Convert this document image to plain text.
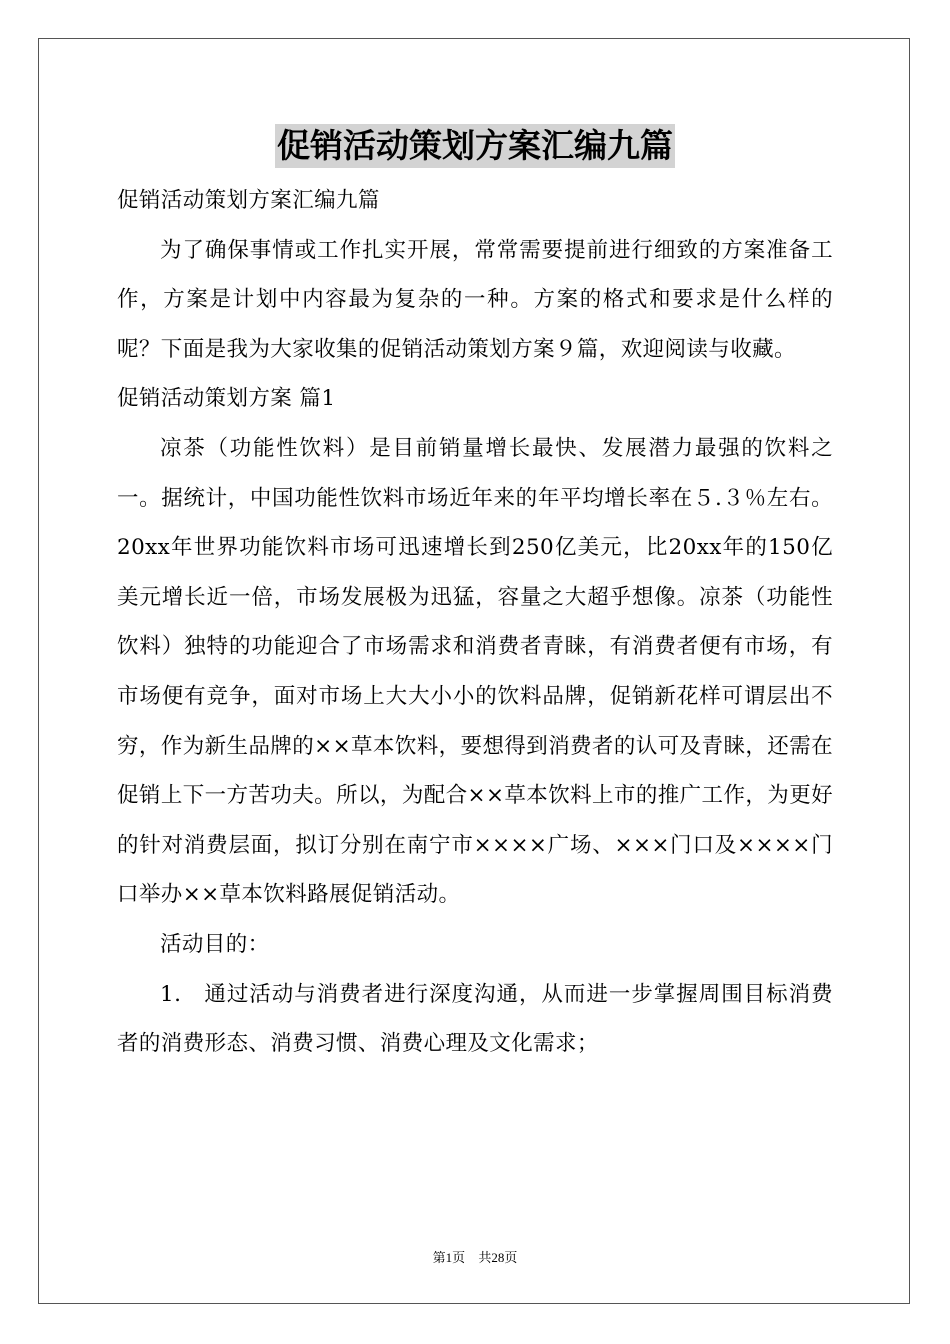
促销活动策划方案汇编九篇

促销活动策划方案汇编九篇

为了确保事情或工作扎实开展，常常需要提前进行细致的方案准备工作，方案是计划中内容最为复杂的一种。方案的格式和要求是什么样的呢？下面是我为大家收集的促销活动策划方案９篇，欢迎阅读与收藏。

促销活动策划方案 篇1

凉茶（功能性饮料）是目前销量增长最快、发展潜力最强的饮料之一。据统计，中国功能性饮料市场近年来的年平均增长率在５.３％左右。20xx年世界功能饮料市场可迅速增长到250亿美元，比20xx年的150亿美元增长近一倍，市场发展极为迅猛，容量之大超乎想像。凉茶（功能性饮料）独特的功能迎合了市场需求和消费者青睐，有消费者便有市场，有市场便有竞争，面对市场上大大小小的饮料品牌，促销新花样可谓层出不穷，作为新生品牌的××草本饮料，要想得到消费者的认可及青睐，还需在促销上下一方苦功夫。所以，为配合××草本饮料上市的推广工作，为更好的针对消费层面，拟订分别在南宁市××××广场、×××门口及××××门口举办××草本饮料路展促销活动。

活动目的：

1.　通过活动与消费者进行深度沟通，从而进一步掌握周围目标消费者的消费形态、消费习惯、消费心理及文化需求；

第1页 共28页
